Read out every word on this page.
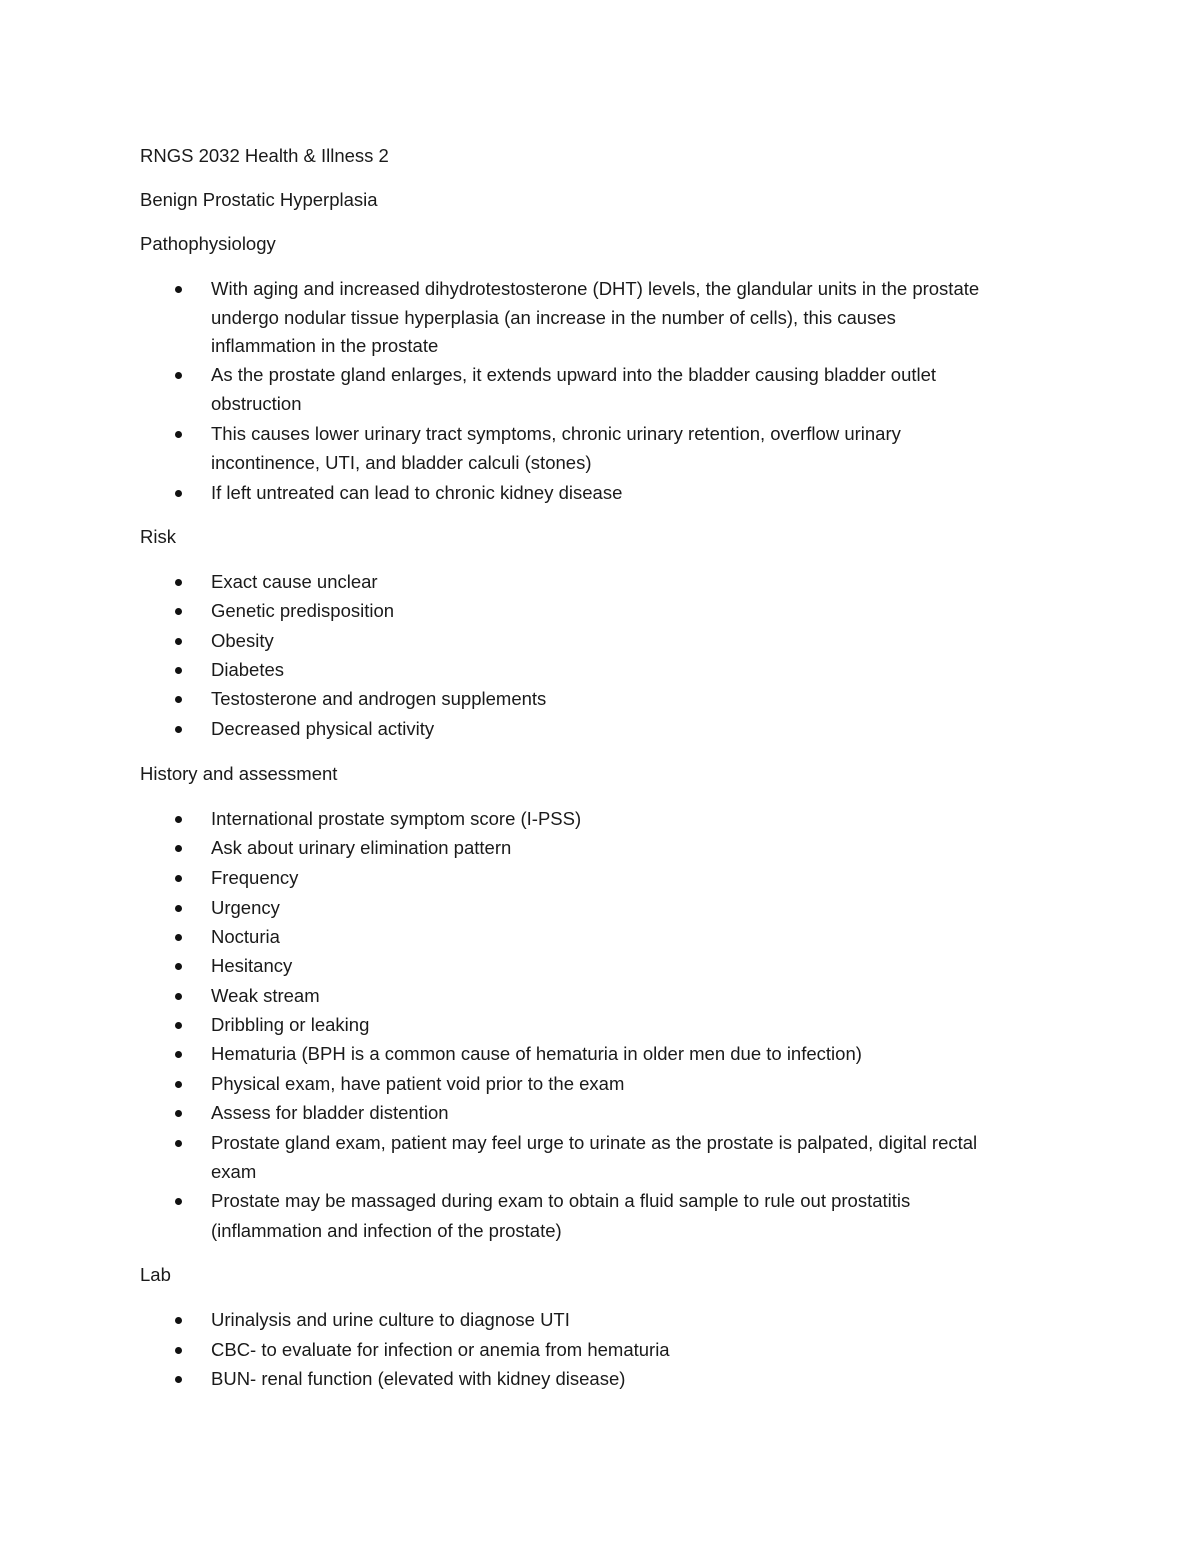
RNGS 2032 Health & Illness 2
Benign Prostatic Hyperplasia
Pathophysiology
With aging and increased dihydrotestosterone (DHT) levels, the glandular units in the prostate
undergo nodular tissue hyperplasia (an increase in the number of cells), this causes
inflammation in the prostate
As the prostate gland enlarges, it extends upward into the bladder causing bladder outlet
obstruction
This causes lower urinary tract symptoms, chronic urinary retention, overflow urinary
incontinence, UTI, and bladder calculi (stones)
If left untreated can lead to chronic kidney disease
Risk
Exact cause unclear
Genetic predisposition
Obesity
Diabetes
Testosterone and androgen supplements
Decreased physical activity
History and assessment
International prostate symptom score (I-PSS)
Ask about urinary elimination pattern
Frequency
Urgency
Nocturia
Hesitancy
Weak stream
Dribbling or leaking
Hematuria (BPH is a common cause of hematuria in older men due to infection)
Physical exam, have patient void prior to the exam
Assess for bladder distention
Prostate gland exam, patient may feel urge to urinate as the prostate is palpated, digital rectal
exam
Prostate may be massaged during exam to obtain a fluid sample to rule out prostatitis
(inflammation and infection of the prostate)
Lab
Urinalysis and urine culture to diagnose UTI
CBC- to evaluate for infection or anemia from hematuria
BUN- renal function (elevated with kidney disease)
